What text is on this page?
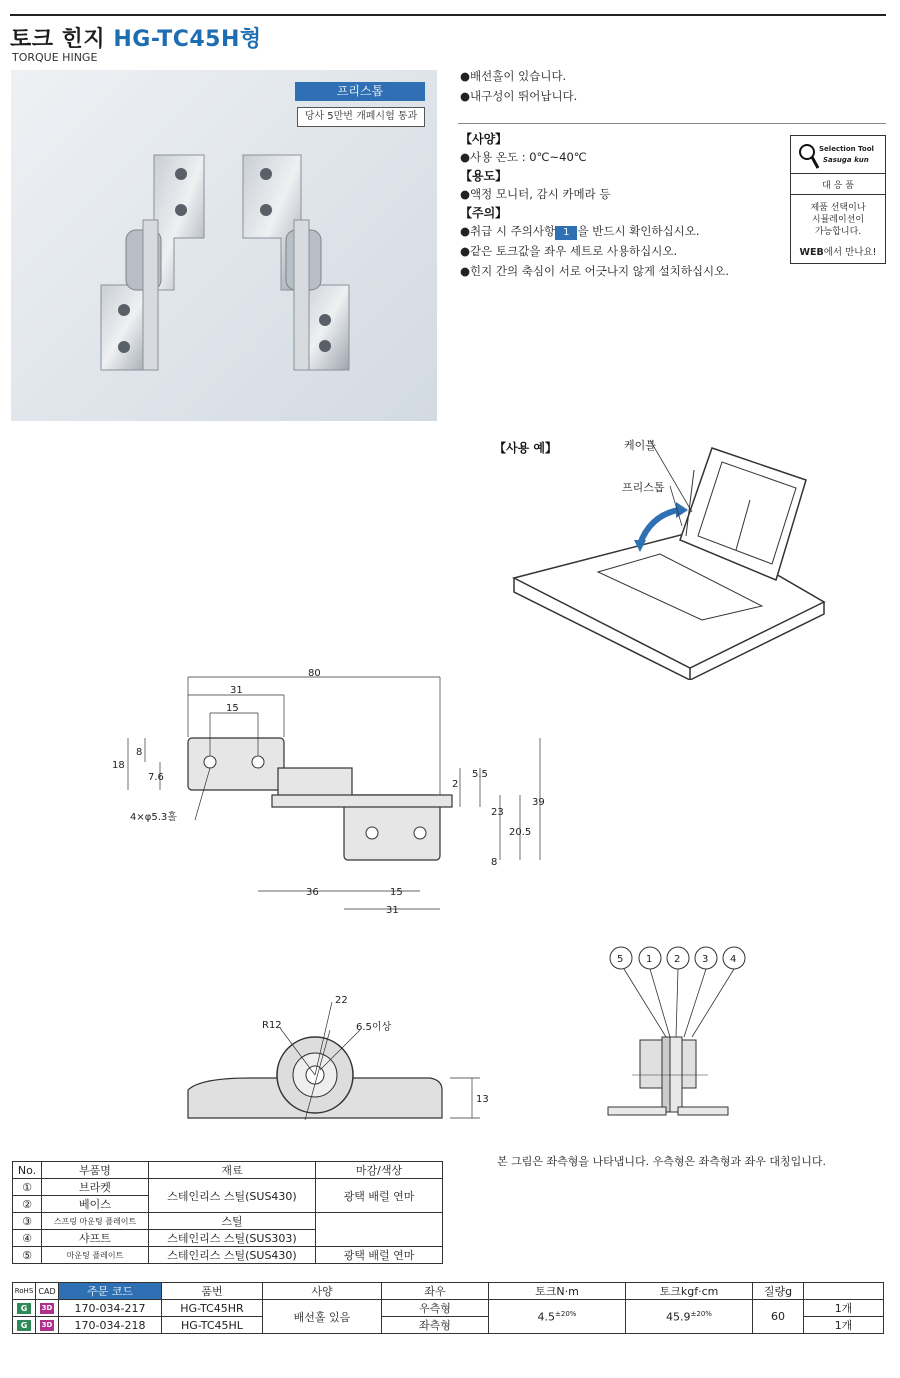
토크 힌지 HG-TC45H형
TORQUE HINGE
프리스톱
당사 5만번 개폐시험 통과
●배선홀이 있습니다.
●내구성이 뛰어납니다.
【사양】
●사용 온도 : 0℃~40℃
【용도】
●액정 모니터, 감시 카메라 등
【주의】
●취급 시 주의사항 1 을 반드시 확인하십시오.
●같은 토크값을 좌우 세트로 사용하십시오.
●힌지 간의 축심이 서로 어긋나지 않게 설치하십시오.
Selection Tool
Sasuga kun
대 응 품
제품 선택이나
시뮬레이션이
가능합니다.
WEB에서 만나요!
【사용 예】	케이블
프리스톱
80
31
15
18
8
7.6
4×φ5.3홀
2
5.5
23
39
20.5
8
36	15
31
22
R12	6.5이상
13
5 1 2 3 4
본 그림은 좌측형을 나타냅니다. 우측형은 좌측형과 좌우 대칭입니다.
No.	부품명	재료	마감/색상
①	브라켓	스테인리스 스틸(SUS430)	광택 배럴 연마
②	베이스		
③	스프링 마운팅 플레이트	스틸	
④	샤프트	스테인리스 스틸(SUS303)	
⑤	마운팅 플레이트	스테인리스 스틸(SUS430)	광택 배럴 연마
RoHS	CAD	주문 코드	품번	사양	좌우	토크N·m	토크kgf·cm	질량g	
G	3D	170-034-217	HG-TC45HR	배선홀 있음	우측형	$4.5^{\pm 20\%}$	$45.9^{\pm 20\%}$	60	1개
G	3D	170-034-218	HG-TC45HL		좌측형				1개
